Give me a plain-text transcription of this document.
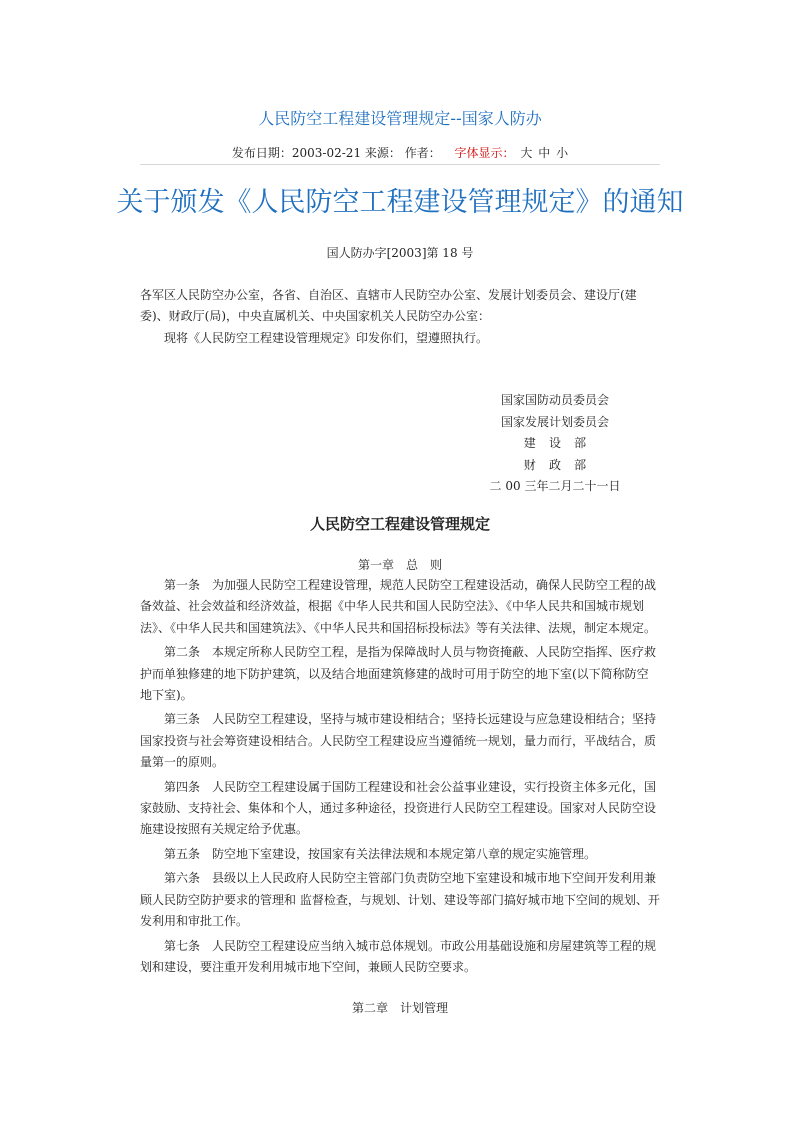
人民防空工程建设管理规定--国家人防办
发布日期：2003-02-21 来源： 作者： 字体显示： 大 中 小
关于颁发《人民防空工程建设管理规定》的通知
国人防办字[2003]第 18 号
各军区人民防空办公室，各省、自治区、直辖市人民防空办公室、发展计划委员会、建设厅(建委)、财政厅(局)，中央直属机关、中央国家机关人民防空办公室：
现将《人民防空工程建设管理规定》印发你们，望遵照执行。
国家国防动员委员会
国家发展计划委员会
建设部
财政部
二 00 三年二月二十一日
人民防空工程建设管理规定
第一章　总　则

第一条　为加强人民防空工程建设管理，规范人民防空工程建设活动，确保人民防空工程的战备效益、社会效益和经济效益，根据《中华人民共和国人民防空法》、《中华人民共和国城市规划法》、《中华人民共和国建筑法》、《中华人民共和国招标投标法》等有关法律、法规，制定本规定。

第二条　本规定所称人民防空工程，是指为保障战时人员与物资掩蔽、人民防空指挥、医疗救护而单独修建的地下防护建筑，以及结合地面建筑修建的战时可用于防空的地下室(以下简称防空地下室)。

第三条　人民防空工程建设，坚持与城市建设相结合；坚持长远建设与应急建设相结合；坚持国家投资与社会筹资建设相结合。人民防空工程建设应当遵循统一规划，量力而行，平战结合，质量第一的原则。

第四条　人民防空工程建设属于国防工程建设和社会公益事业建设，实行投资主体多元化，国家鼓励、支持社会、集体和个人，通过多种途径，投资进行人民防空工程建设。国家对人民防空设施建设按照有关规定给予优惠。

第五条　防空地下室建设，按国家有关法律法规和本规定第八章的规定实施管理。

第六条　县级以上人民政府人民防空主管部门负责防空地下室建设和城市地下空间开发利用兼顾人民防空防护要求的管理和 监督检查，与规划、计划、建设等部门搞好城市地下空间的规划、开发利用和审批工作。

第七条　人民防空工程建设应当纳入城市总体规划。市政公用基础设施和房屋建筑等工程的规划和建设，要注重开发利用城市地下空间，兼顾人民防空要求。

第二章　计划管理
